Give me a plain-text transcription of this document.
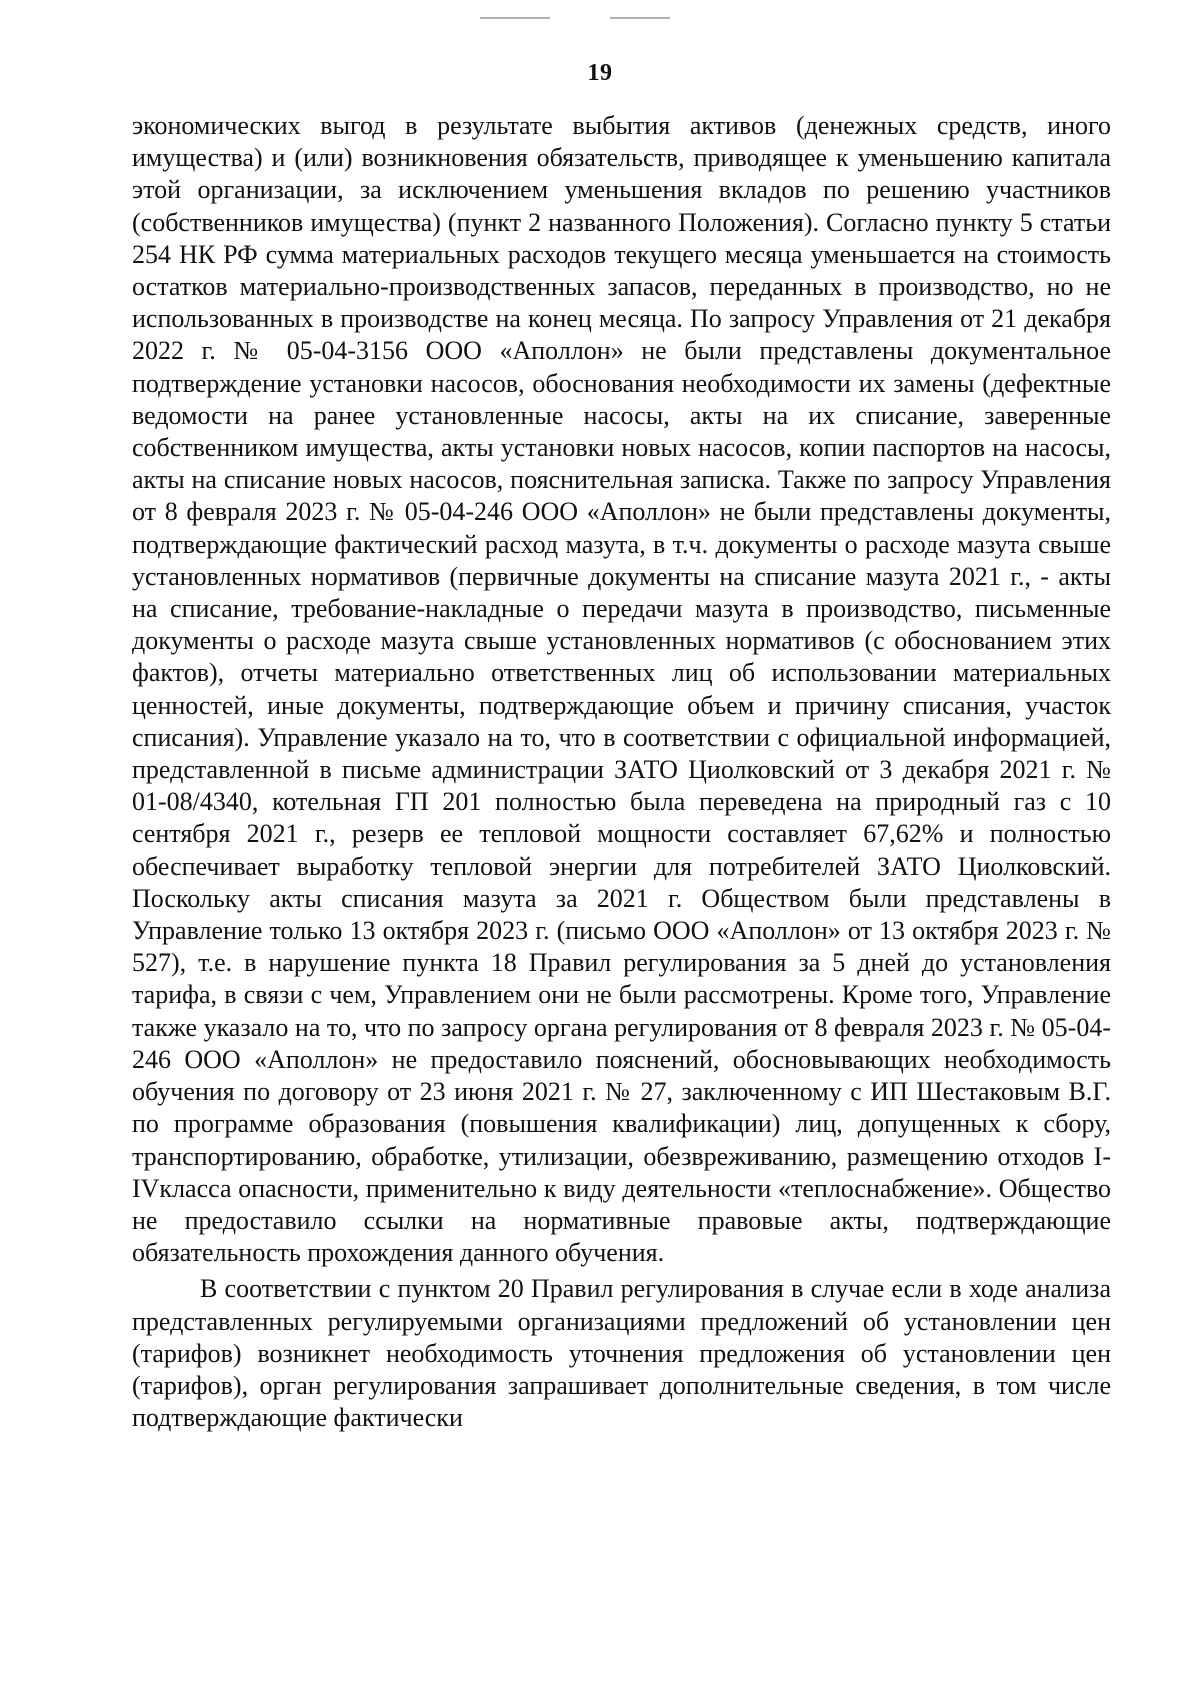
19

экономических выгод в результате выбытия активов (денежных средств, иного имущества) и (или) возникновения обязательств, приводящее к уменьшению капитала этой организации, за исключением уменьшения вкладов по решению участников (собственников имущества) (пункт 2 названного Положения). Согласно пункту 5 статьи 254 НК РФ сумма материальных расходов текущего месяца уменьшается на стоимость остатков материально-производственных запасов, переданных в производство, но не использованных в производстве на конец месяца. По запросу Управления от 21 декабря 2022 г. № 05-04-3156 ООО «Аполлон» не были представлены документальное подтверждение установки насосов, обоснования необходимости их замены (дефектные ведомости на ранее установленные насосы, акты на их списание, заверенные собственником имущества, акты установки новых насосов, копии паспортов на насосы, акты на списание новых насосов, пояснительная записка. Также по запросу Управления от 8 февраля 2023 г. № 05-04-246 ООО «Аполлон» не были представлены документы, подтверждающие фактический расход мазута, в т.ч. документы о расходе мазута свыше установленных нормативов (первичные документы на списание мазута 2021 г., - акты на списание, требование-накладные о передачи мазута в производство, письменные документы о расходе мазута свыше установленных нормативов (с обоснованием этих фактов), отчеты материально ответственных лиц об использовании материальных ценностей, иные документы, подтверждающие объем и причину списания, участок списания). Управление указало на то, что в соответствии с официальной информацией, представленной в письме администрации ЗАТО Циолковский от 3 декабря 2021 г. № 01-08/4340, котельная ГП 201 полностью была переведена на природный газ с 10 сентября 2021 г., резерв ее тепловой мощности составляет 67,62% и полностью обеспечивает выработку тепловой энергии для потребителей ЗАТО Циолковский. Поскольку акты списания мазута за 2021 г. Обществом были представлены в Управление только 13 октября 2023 г. (письмо ООО «Аполлон» от 13 октября 2023 г. № 527), т.е. в нарушение пункта 18 Правил регулирования за 5 дней до установления тарифа, в связи с чем, Управлением они не были рассмотрены. Кроме того, Управление также указало на то, что по запросу органа регулирования от 8 февраля 2023 г. № 05-04-246 ООО «Аполлон» не предоставило пояснений, обосновывающих необходимость обучения по договору от 23 июня 2021 г. № 27, заключенному с ИП Шестаковым В.Г. по программе образования (повышения квалификации) лиц, допущенных к сбору, транспортированию, обработке, утилизации, обезвреживанию, размещению отходов I-IVкласса опасности, применительно к виду деятельности «теплоснабжение». Общество не предоставило ссылки на нормативные правовые акты, подтверждающие обязательность прохождения данного обучения.

В соответствии с пунктом 20 Правил регулирования в случае если в ходе анализа представленных регулируемыми организациями предложений об установлении цен (тарифов) возникнет необходимость уточнения предложения об установлении цен (тарифов), орган регулирования запрашивает дополнительные сведения, в том числе подтверждающие фактически
